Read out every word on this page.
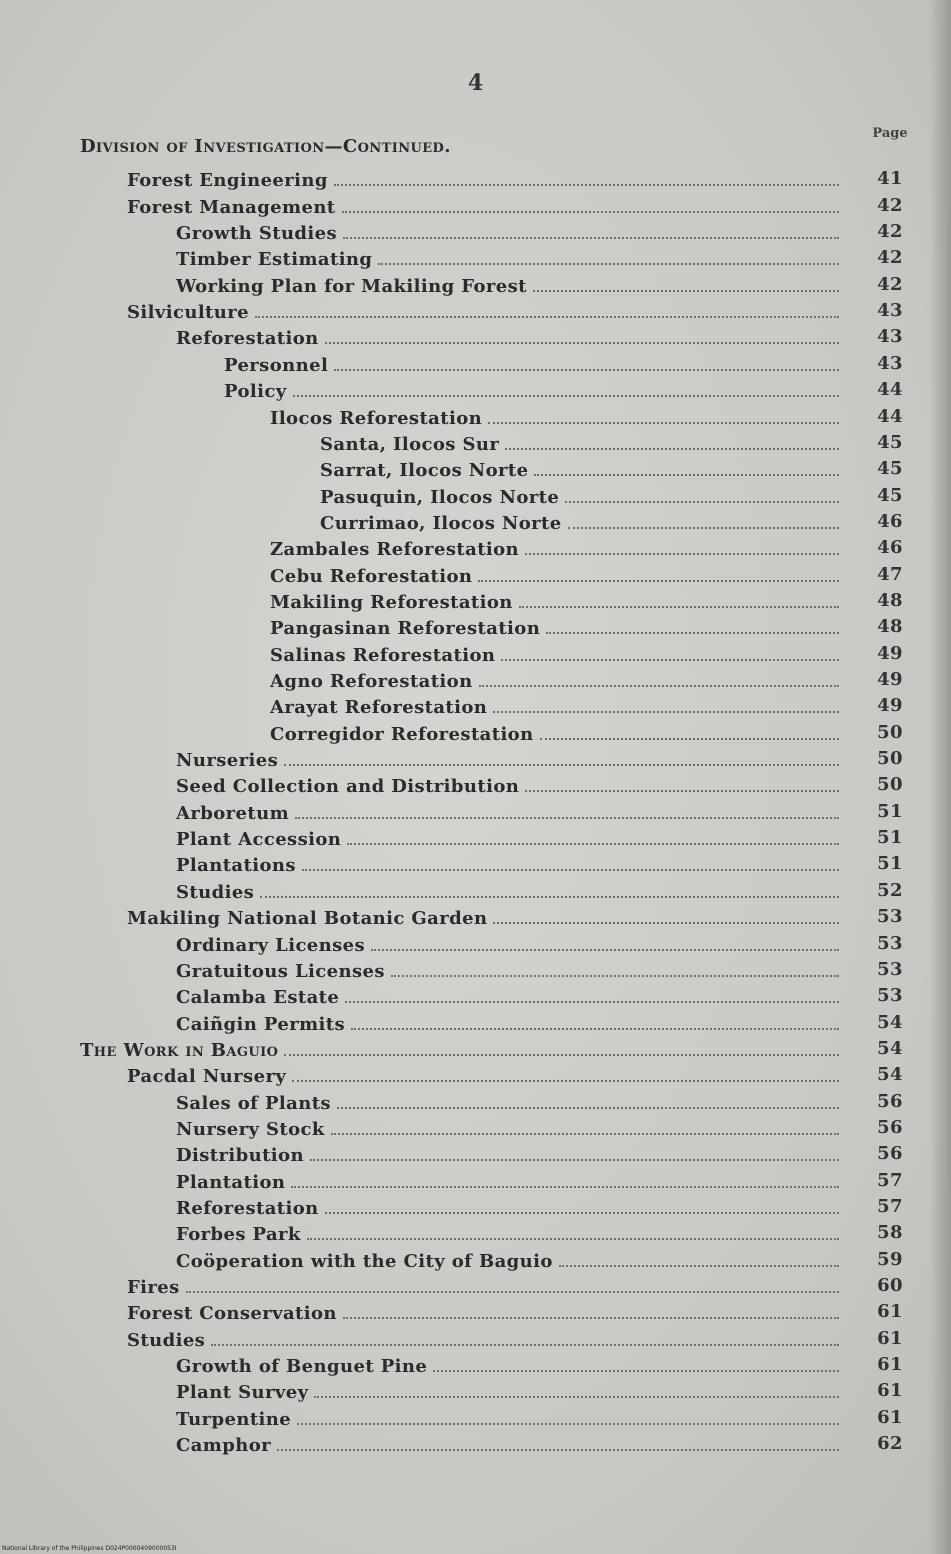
4
Page
Division of Investigation—Continued.
Forest Engineering	41
Forest Management	42
Growth Studies	42
Timber Estimating	42
Working Plan for Makiling Forest	42
Silviculture	43
Reforestation	43
Personnel	43
Policy	44
Ilocos Reforestation	44
Santa, Ilocos Sur	45
Sarrat, Ilocos Norte	45
Pasuquin, Ilocos Norte	45
Currimao, Ilocos Norte	46
Zambales Reforestation	46
Cebu Reforestation	47
Makiling Reforestation	48
Pangasinan Reforestation	48
Salinas Reforestation	49
Agno Reforestation	49
Arayat Reforestation	49
Corregidor Reforestation	50
Nurseries	50
Seed Collection and Distribution	50
Arboretum	51
Plant Accession	51
Plantations	51
Studies	52
Makiling National Botanic Garden	53
Ordinary Licenses	53
Gratuitous Licenses	53
Calamba Estate	53
Caiñgin Permits	54
The Work in Baguio	54
Pacdal Nursery	54
Sales of Plants	56
Nursery Stock	56
Distribution	56
Plantation	57
Reforestation	57
Forbes Park	58
Coöperation with the City of Baguio	59
Fires	60
Forest Conservation	61
Studies	61
Growth of Benguet Pine	61
Plant Survey	61
Turpentine	61
Camphor	62
National Library of the Philippines D024P0000409000053I
